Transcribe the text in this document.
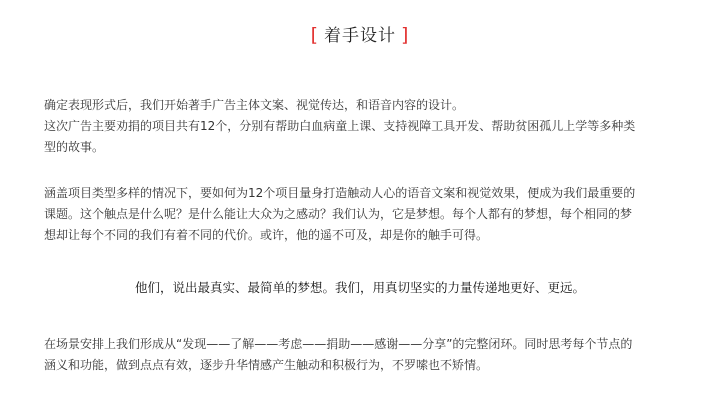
[ 着手设计 ]

确定表现形式后，我们开始著手广告主体文案、视觉传达，和语音内容的设计。
这次广告主要劝捐的项目共有12个，分别有帮助白血病童上课、支持视障工具开发、帮助贫困孤儿上学等多种类
型的故事。

涵盖项目类型多样的情况下，要如何为12个项目量身打造触动人心的语音文案和视觉效果，便成为我们最重要的
课题。这个触点是什么呢？是什么能让大众为之感动？我们认为，它是梦想。每个人都有的梦想，每个相同的梦
想却让每个不同的我们有着不同的代价。或许，他的遥不可及，却是你的触手可得。

他们，说出最真实、最简单的梦想。我们，用真切坚实的力量传递地更好、更远。

在场景安排上我们形成从“发现——了解——考虑——捐助——感谢——分享”的完整闭环。同时思考每个节点的
涵义和功能，做到点点有效，逐步升华情感产生触动和积极行为，不罗嗦也不矫情。
